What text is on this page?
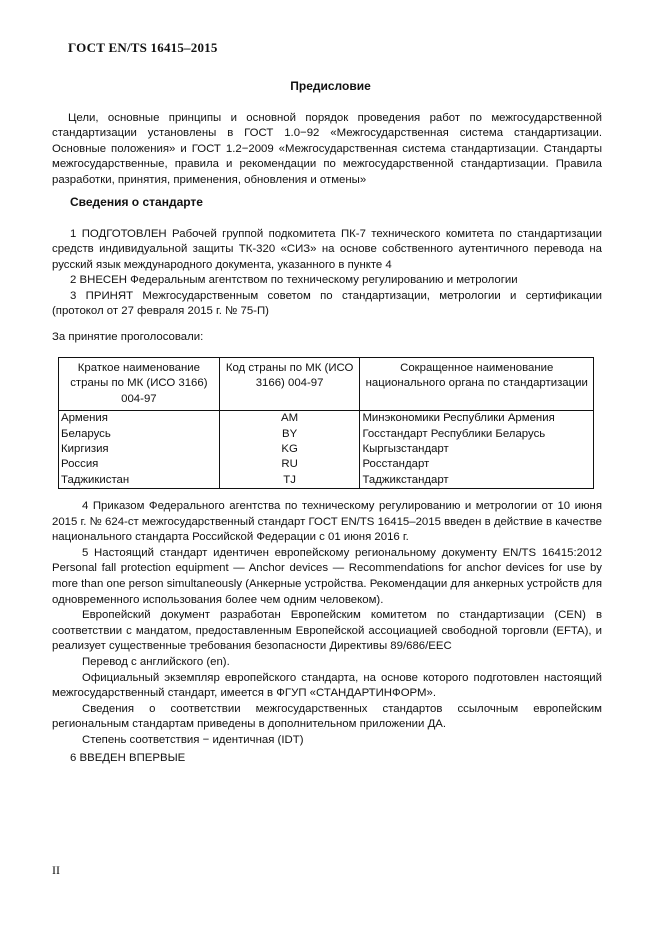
ГОСТ EN/TS 16415–2015
Предисловие
Цели, основные принципы и основной порядок проведения работ по межгосударственной стандартизации установлены в ГОСТ 1.0−92 «Межгосударственная система стандартизации. Основные положения» и ГОСТ 1.2−2009 «Межгосударственная система стандартизации. Стандарты межгосударственные, правила и рекомендации по межгосударственной стандартизации. Правила разработки, принятия, применения, обновления и отмены»
Сведения о стандарте

1 ПОДГОТОВЛЕН Рабочей группой подкомитета ПК-7 технического комитета по стандартизации средств индивидуальной защиты ТК-320 «СИЗ» на основе собственного аутентичного перевода на русский язык международного документа, указанного в пункте 4

2 ВНЕСЕН Федеральным агентством по техническому регулированию и метрологии

3 ПРИНЯТ Межгосударственным советом по стандартизации, метрологии и сертификации (протокол от 27 февраля 2015 г. № 75-П)

За принятие проголосовали:
Краткое наименование страны по МК (ИСО 3166) 004-97	Код страны по МК (ИСО 3166) 004-97	Сокращенное наименование национального органа по стандартизации
Армения	AM	Минэкономики Республики Армения
Беларусь	BY	Госстандарт Республики Беларусь
Киргизия	KG	Кыргызстандарт
Россия	RU	Росстандарт
Таджикистан	TJ	Таджикстандарт

4 Приказом Федерального агентства по техническому регулированию и метрологии от 10 июня 2015 г. № 624-ст межгосударственный стандарт ГОСТ EN/TS 16415–2015 введен в действие в качестве национального стандарта Российской Федерации с 01 июня 2016 г.

5 Настоящий стандарт идентичен европейскому региональному документу EN/TS 16415:2012 Personal fall protection equipment — Anchor devices — Recommendations for anchor devices for use by more than one person simultaneously (Анкерные устройства. Рекомендации для анкерных устройств для одновременного использования более чем одним человеком).

Европейский документ разработан Европейским комитетом по стандартизации (CEN) в соответствии с мандатом, предоставленным Европейской ассоциацией свободной торговли (EFTA), и реализует существенные требования безопасности Директивы 89/686/ЕЕС

Перевод с английского (en).

Официальный экземпляр европейского стандарта, на основе которого подготовлен настоящий межгосударственный стандарт, имеется в ФГУП «СТАНДАРТИНФОРМ».

Сведения о соответствии межгосударственных стандартов ссылочным европейским региональным стандартам приведены в дополнительном приложении ДА.

Степень соответствия − идентичная (IDT)

6 ВВЕДЕН ВПЕРВЫЕ
II
